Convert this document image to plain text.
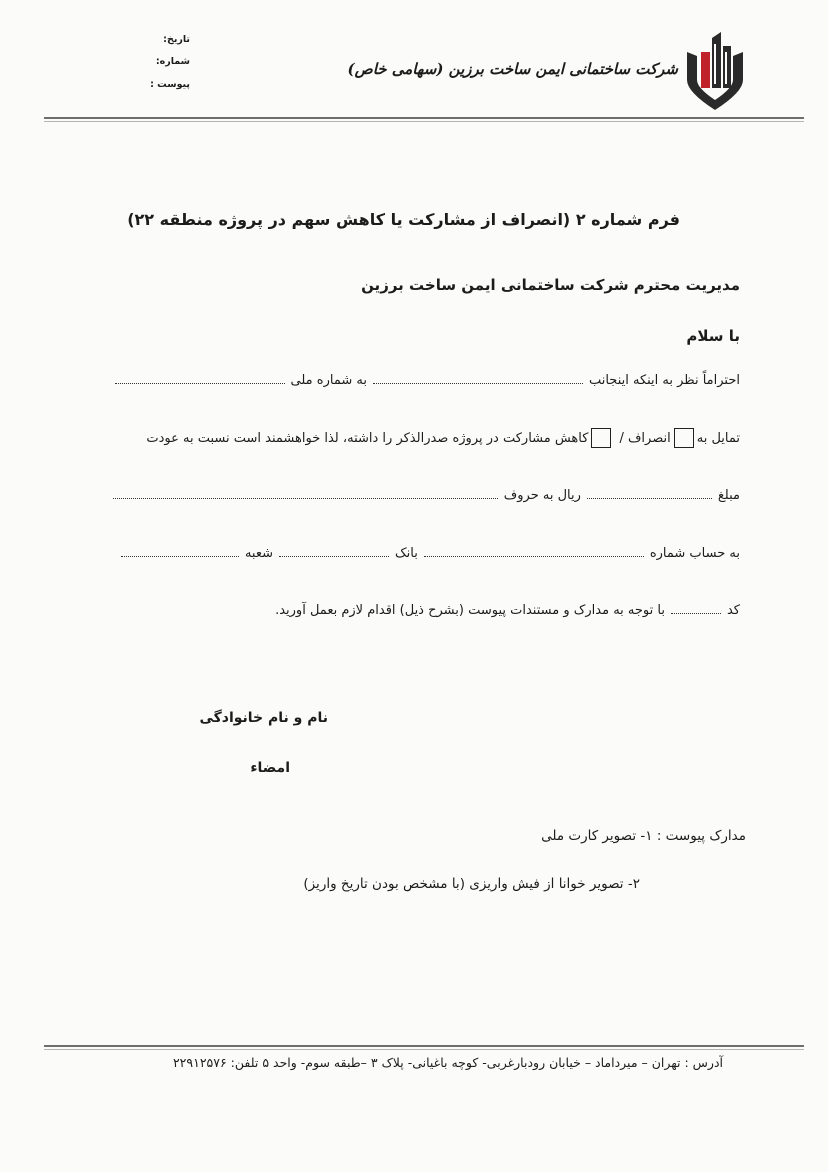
تاریخ:
شماره:
پیوست :
شرکت ساختمانی ایمن ساخت برزین (سهامی خاص)
فرم شماره ۲ (انصراف از مشارکت یا کاهش سهم در پروژه منطقه ۲۲)
مدیریت محترم شرکت ساختمانی ایمن ساخت برزین
با سلام
احتراماً نظر به اینکه اینجانب
به شماره ملی
تمایل به
انصراف /
کاهش مشارکت در پروژه صدرالذکر را داشته، لذا خواهشمند است نسبت به عودت
مبلغ
ریال به حروف
به حساب شماره
بانک
شعبه
کد
با توجه به مدارک و مستندات پیوست (بشرح ذیل) اقدام لازم بعمل آورید.
نام و نام خانوادگی
امضاء
مدارک پیوست : ۱- تصویر کارت ملی
۲- تصویر خوانا از فیش واریزی (با مشخص بودن تاریخ واریز)
آدرس : تهران – میرداماد – خیابان رودبارغربی- کوچه باغیانی- پلاک ۳ –طبقه سوم- واحد ۵ تلفن: ۲۲۹۱۲۵۷۶
